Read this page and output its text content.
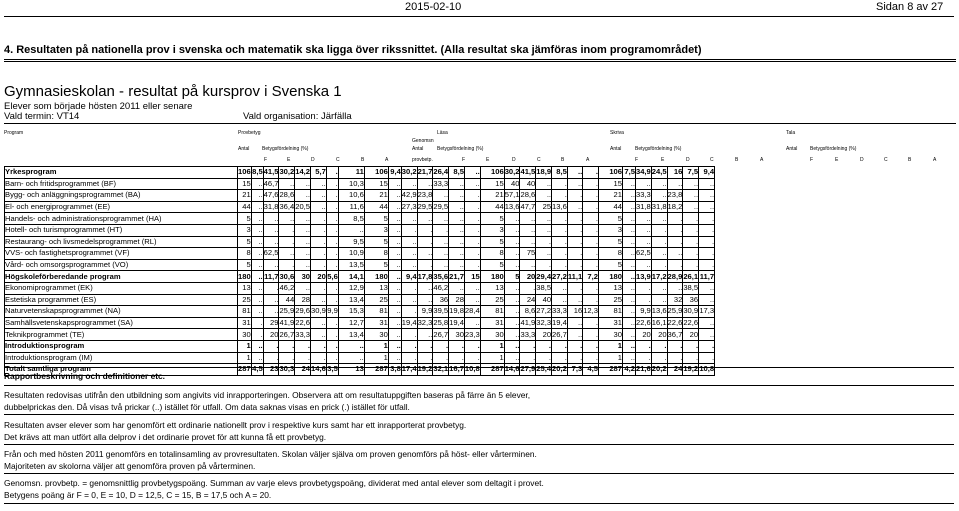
2015-02-10	Sidan 8 av 27
4. Resultaten på nationella prov i svenska och matematik ska ligga över rikssnittet. (Alla resultat ska jämföras inom programområdet)
Gymnasieskolan - resultat på kursprov i Svenska 1
Elever som började hösten 2011 eller senare
Vald termin: VT14	Vald organisation: Järfälla
Program	Provbetyg	Läsa	Skriva	Tala
Genomsn
Antal	Betygsfördelning (%)	Antal	Betygsfördelning (%)	Antal	Betygsfördelning (%)	Antal	Betygsfördelning (%)
F	E	D	C	B	A	provbetp.	F	E	D	C	B	A	F	E	D	C	B	A	F	E	D	C	B	A
Yrkesprogram	106	8,5	41,5	30,2	14,2	5,7	.	11	106	9,4	30,2	21,7	26,4	8,5	..	106	30,2	41,5	18,9	8,5	..	.	106	7,5	34,9	24,5	16	7,5	9,4
Barn- och fritidsprogrammet (BF)	15	..	46,7	..	..	..	.	10,3	15	..	..	..	33,3	..	..	15	40	40	..	.	..	.	15	..	..	..	..	..	..
Bygg- och anläggningsprogrammet (BA)	21	..	47,6	28,6	..	..	.	10,6	21	..	42,9	23,8	..	..	.	21	57,1	28,6	..	.	.	.	21	..	33,3	..	23,8	..	..
El- och energiprogrammet (EE)	44	..	31,8	36,4	20,5	..	.	11,6	44	..	27,3	29,5	29,5	..	.	44	13,6	47,7	25	13,6	..	.	44	..	31,8	31,8	18,2	..	..
Handels- och administrationsprogrammet (HA)	5	..	..	..	..	.	.	8,5	5	..	..	..	..	..	.	5	..	..	..	.	.	.	5	..	..	..	.	.	.
Hotell- och turismprogrammet (HT)	3	..	..	.	..	.	.	..	3	..	.	.	.	..	.	3	..	..	..	.	.	.	3	..	..	.	.	.	.
Restaurang- och livsmedelsprogrammet (RL)	5	..	..	.	..	.	.	9,5	5	..	..	.	..	..	.	5	..	..	.	.	.	.	5	..	..	.	.	.	.
VVS- och fastighetsprogrammet (VF)	8	..	62,5	..	..	.	.	10,9	8	..	..	..	..	..	.	8	..	75	..	.	.	.	8	..	62,5	..	..	.	.
Vård- och omsorgsprogrammet (VO)	5	..	..	.	..	.	.	13,5	5	..	..	.	..	..	.	5	..	..	.	.	.	.	5	..	..	.	.	.	.
Högskoleförberedande program	180	..	11,7	30,6	30	20	5,6	14,1	180	..	9,4	17,8	35,6	21,7	15	180	5	20	29,4	27,2	11,1	7,2	180	..	13,9	17,2	28,9	26,1	11,7
Ekonomiprogrammet (EK)	13	..	.	46,2	..	.	.	12,9	13	..	.	..	46,2	..	..	13	..	.	38,5	..	.	.	13	..	.	..	..	38,5	..
Estetiska programmet (ES)	25	..	..	44	28	..	.	13,4	25	..	..	..	36	28	..	25	..	24	40	..	..	.	25	..	.	..	32	36	..
Naturvetenskapsprogrammet (NA)	81	..	..	25,9	29,6	30,9	9,9	15,3	81	..	.	9,9	39,5	19,8	28,4	81	..	8,6	27,2	33,3	16	12,3	81	..	9,9	13,6	25,9	30,9	17,3
Samhällsvetenskapsprogrammet (SA)	31	.	29	41,9	22,6	..	.	12,7	31	..	19,4	32,3	25,8	19,4	..	31	..	41,9	32,3	19,4	..	.	31	..	22,6	16,1	22,6	22,6	..
Teknikprogrammet (TE)	30	.	20	26,7	33,3	..	.	13,4	30	..	.	..	26,7	30	23,3	30	..	33,3	20	26,7	..	.	30	..	20	20	36,7	20	..
Introduktionsprogram	1	..	.	.	.	.	.	..	1	..	.	.	.	.	.	1	..	.	.	.	.	.	1	..	.	.	.	.	.
Introduktionsprogram (IM)	1	..	.	.	.	.	.	..	1	..	.	.	.	.	.	1	..	.	.	.	.	.	1	..	.	.	.	.	.
Totalt samtliga program	287	4,5	23	30,3	24	14,6	3,5	13	287	3,8	17,4	19,2	32,1	16,7	10,8	287	14,6	27,9	25,4	20,2	7,3	4,5	287	4,2	21,6	20,2	24	19,2	10,8
Rapportbeskrivning och definitioner etc.
Resultaten redovisas utifrån den utbildning som angivits vid inrapporteringen. Observera att om resultatuppgiften baseras på färre än 5 elever,
dubbelprickas den. Då visas två prickar (..) istället för utfall. Om data saknas visas en prick (.) istället för utfall.
Resultaten avser elever som har genomfört ett ordinarie nationellt prov i respektive kurs samt har ett inrapporterat provbetyg.
Det krävs att man utfört alla delprov i det ordinarie provet för att kunna få ett provbetyg.
Från och med hösten 2011 genomförs en totalinsamling av provresultaten. Skolan väljer själva om proven genomförs på höst- eller vårterminen.
Majoriteten av skolorna väljer att genomföra proven på vårterminen.
Genomsn. provbetp. = genomsnittlig provbetygspoäng. Summan av varje elevs provbetygspoäng, dividerat med antal elever som deltagit i provet.
Betygens poäng är F = 0, E = 10, D = 12,5, C = 15, B = 17,5 och A = 20.
